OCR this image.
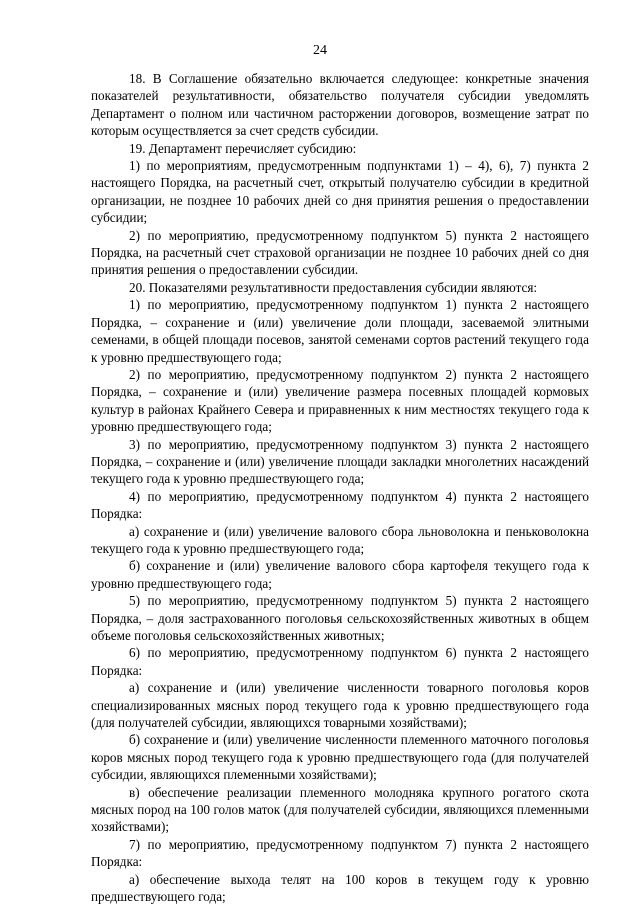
24

18. В Соглашение обязательно включается следующее: конкретные значения показателей результативности, обязательство получателя субсидии уведомлять Департамент о полном или частичном расторжении договоров, возмещение затрат по которым осуществляется за счет средств субсидии.

19. Департамент перечисляет субсидию:

1) по мероприятиям, предусмотренным подпунктами 1) – 4), 6), 7) пункта 2 настоящего Порядка, на расчетный счет, открытый получателю субсидии в кредитной организации, не позднее 10 рабочих дней со дня принятия решения о предоставлении субсидии;

2) по мероприятию, предусмотренному подпунктом 5) пункта 2 настоящего Порядка, на расчетный счет страховой организации не позднее 10 рабочих дней со дня принятия решения о предоставлении субсидии.

20. Показателями результативности предоставления субсидии являются:

1) по мероприятию, предусмотренному подпунктом 1) пункта 2 настоящего Порядка, – сохранение и (или) увеличение доли площади, засеваемой элитными семенами, в общей площади посевов, занятой семенами сортов растений текущего года к уровню предшествующего года;

2) по мероприятию, предусмотренному подпунктом 2) пункта 2 настоящего Порядка, – сохранение и (или) увеличение размера посевных площадей кормовых культур в районах Крайнего Севера и приравненных к ним местностях текущего года к уровню предшествующего года;

3) по мероприятию, предусмотренному подпунктом 3) пункта 2 настоящего Порядка, – сохранение и (или) увеличение площади закладки многолетних насаждений текущего года к уровню предшествующего года;

4) по мероприятию, предусмотренному подпунктом 4) пункта 2 настоящего Порядка:

а) сохранение и (или) увеличение валового сбора льноволокна и пеньковолокна текущего года к уровню предшествующего года;

б) сохранение и (или) увеличение валового сбора картофеля текущего года к уровню предшествующего года;

5) по мероприятию, предусмотренному подпунктом 5) пункта 2 настоящего Порядка, – доля застрахованного поголовья сельскохозяйственных животных в общем объеме поголовья сельскохозяйственных животных;

6) по мероприятию, предусмотренному подпунктом 6) пункта 2 настоящего Порядка:

а) сохранение и (или) увеличение численности товарного поголовья коров специализированных мясных пород текущего года к уровню предшествующего года (для получателей субсидии, являющихся товарными хозяйствами);

б) сохранение и (или) увеличение численности племенного маточного поголовья коров мясных пород текущего года к уровню предшествующего года (для получателей субсидии, являющихся племенными хозяйствами);

в) обеспечение реализации племенного молодняка крупного рогатого скота мясных пород на 100 голов маток (для получателей субсидии, являющихся племенными хозяйствами);

7) по мероприятию, предусмотренному подпунктом 7) пункта 2 настоящего Порядка:

а) обеспечение выхода телят на 100 коров в текущем году к уровню предшествующего года;
